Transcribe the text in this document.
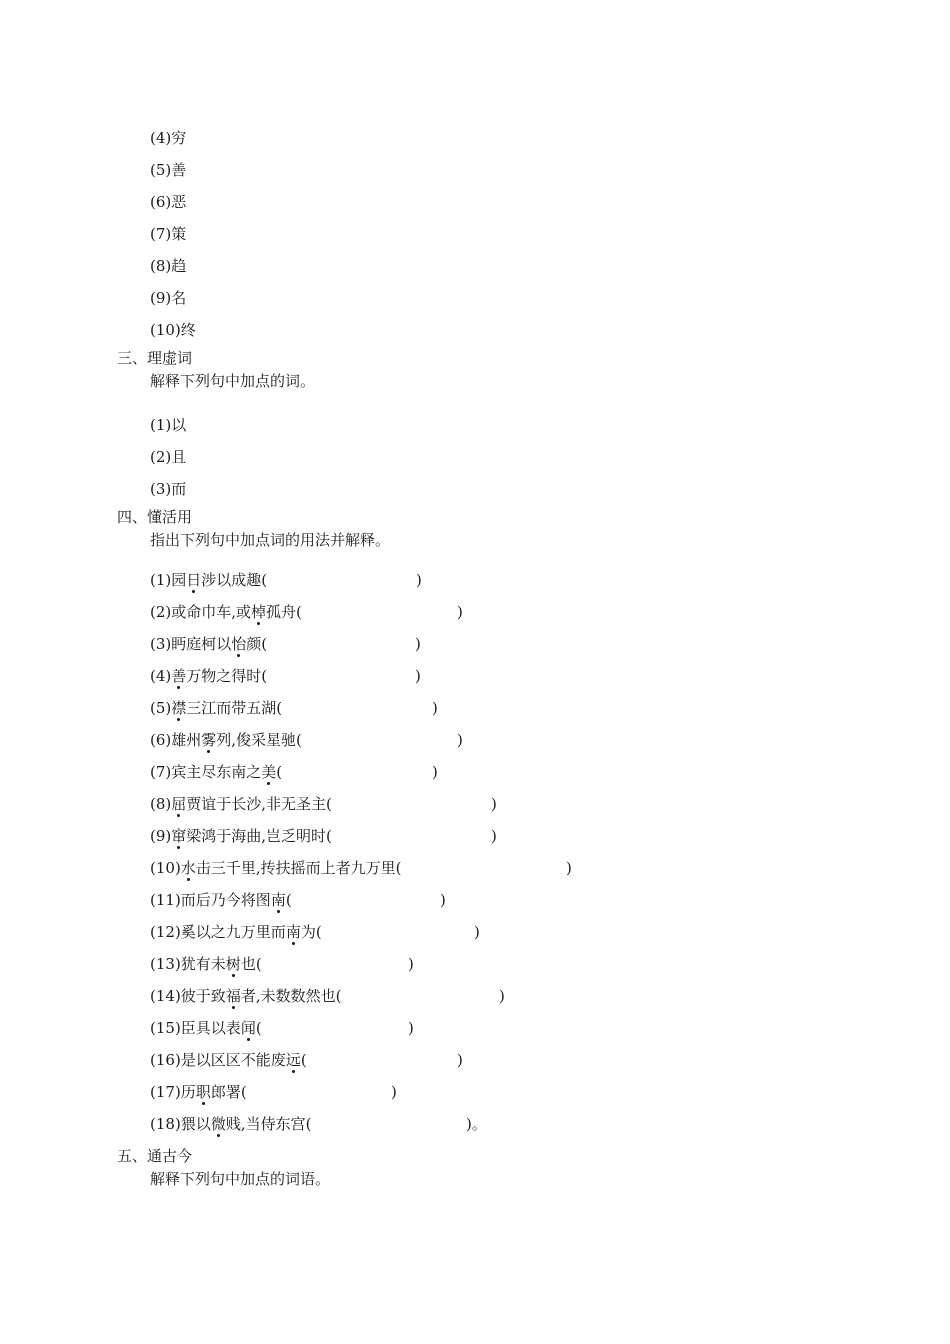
(4)穷
(5)善
(6)恶
(7)策
(8)趋
(9)名
(10)终
三、理虚词
解释下列句中加点的词。
(1)以
(2)且
(3)而
四、懂活用
指出下列句中加点词的用法并解释。
(1)园日涉以成趣(	)
(2)或命巾车,或棹孤舟(	)
(3)眄庭柯以怡颜(	)
(4)善万物之得时(	)
(5)襟三江而带五湖(	)
(6)雄州雾列,俊采星驰(	)
(7)宾主尽东南之美(	)
(8)屈贾谊于长沙,非无圣主(	)
(9)窜梁鸿于海曲,岂乏明时(	)
(10)水击三千里,抟扶摇而上者九万里(	)
(11)而后乃今将图南(	)
(12)奚以之九万里而南为(	)
(13)犹有未树也(	)
(14)彼于致福者,未数数然也(	)
(15)臣具以表闻(	)
(16)是以区区不能废远(	)
(17)历职郎署(	)
(18)猥以微贱,当侍东宫(	)。
五、通古今
解释下列句中加点的词语。
